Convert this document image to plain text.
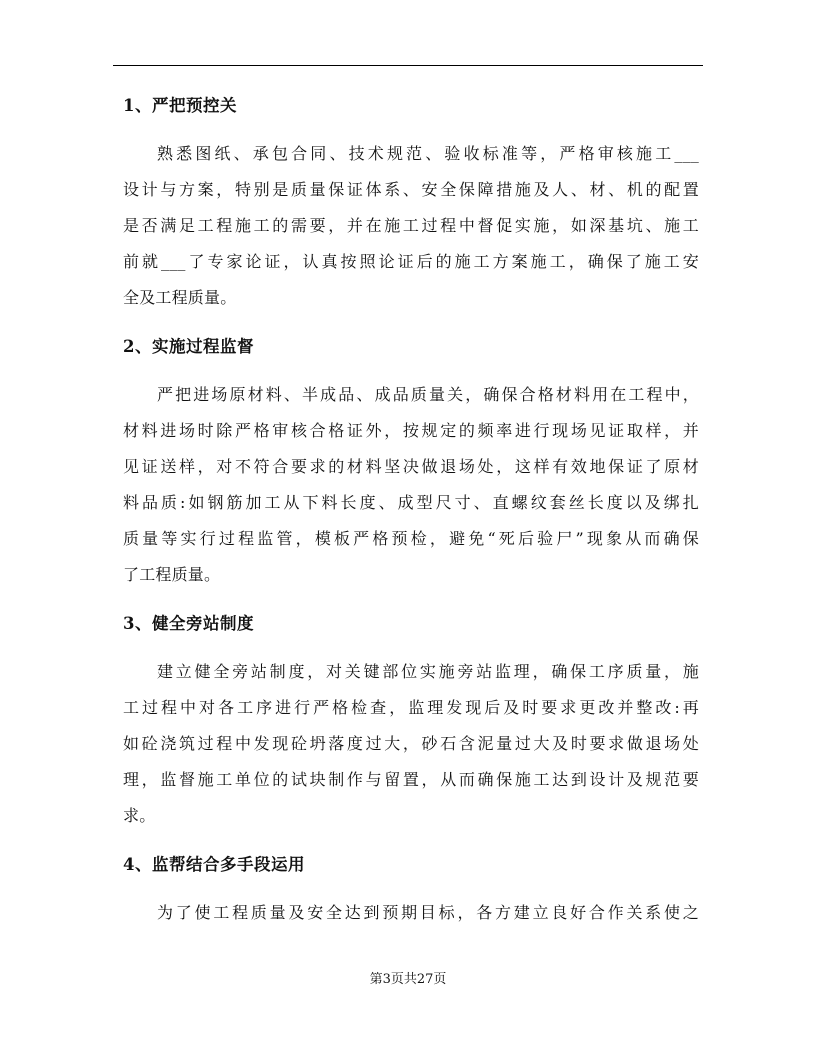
1、严把预控关
熟悉图纸、承包合同、技术规范、验收标准等，严格审核施工___
设计与方案，特别是质量保证体系、安全保障措施及人、材、机的配置
是否满足工程施工的需要，并在施工过程中督促实施，如深基坑、施工
前就___了专家论证，认真按照论证后的施工方案施工，确保了施工安
全及工程质量。
2、实施过程监督
严把进场原材料、半成品、成品质量关，确保合格材料用在工程中，
材料进场时除严格审核合格证外，按规定的频率进行现场见证取样，并
见证送样，对不符合要求的材料坚决做退场处，这样有效地保证了原材
料品质:如钢筋加工从下料长度、成型尺寸、直螺纹套丝长度以及绑扎
质量等实行过程监管，模板严格预检，避免“死后验尸”现象从而确保
了工程质量。
3、健全旁站制度
建立健全旁站制度，对关键部位实施旁站监理，确保工序质量，施
工过程中对各工序进行严格检查，监理发现后及时要求更改并整改:再
如砼浇筑过程中发现砼坍落度过大，砂石含泥量过大及时要求做退场处
理，监督施工单位的试块制作与留置，从而确保施工达到设计及规范要
求。
4、监帮结合多手段运用
为了使工程质量及安全达到预期目标，各方建立良好合作关系使之
第3页共27页
